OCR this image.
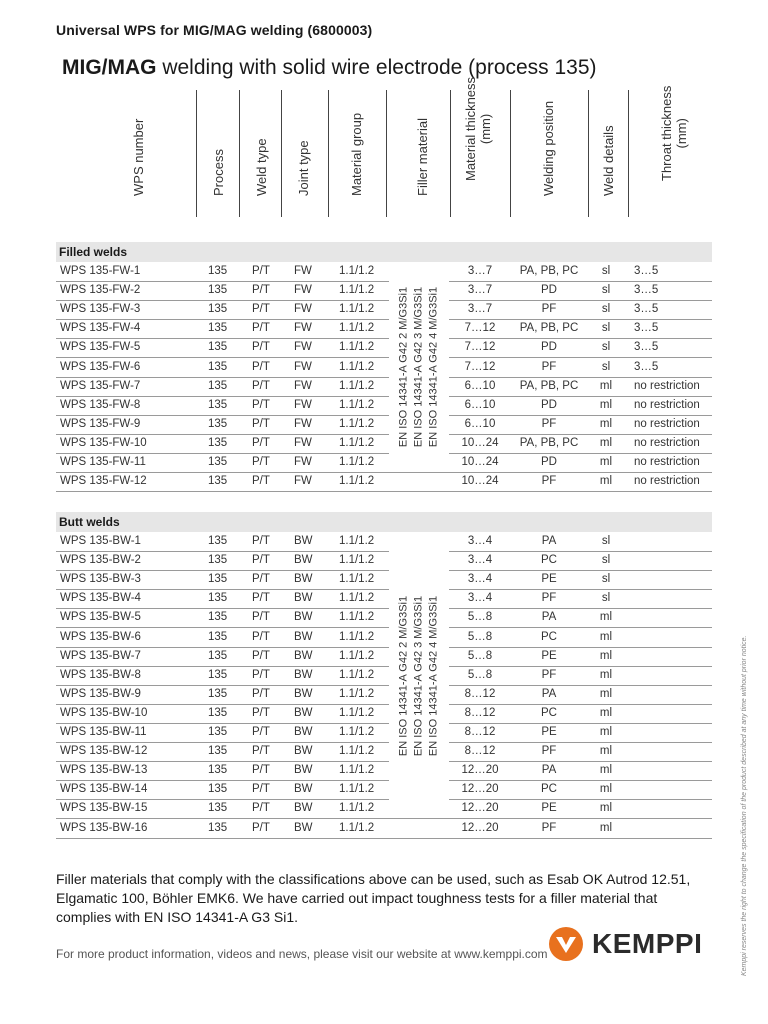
Universal WPS for MIG/MAG welding (6800003)
MIG/MAG welding with solid wire electrode (process 135)
WPS number	Process Weld type Joint type	Material group	Filler material	Material thickness
(mm)	Welding position	Weld details	Throat thickness
(mm)
Filled welds
WPS 135-FW-1	135 P/T FW 1.1/1.2	3…7	PA, PB, PC	sl	3…5
WPS 135-FW-2	135 P/T FW 1.1/1.2	3…7	PD	sl	3…5
WPS 135-FW-3	135 P/T FW 1.1/1.2	3…7	PF	sl	3…5
WPS 135-FW-4	135 P/T FW 1.1/1.2	7…12	PA, PB, PC	sl	3…5
WPS 135-FW-5	135 P/T FW 1.1/1.2	7…12	PD	sl	3…5
WPS 135-FW-6	135 P/T FW 1.1/1.2	7…12	PF	sl	3…5
WPS 135-FW-7	135 P/T FW 1.1/1.2	6…10	PA, PB, PC	ml	no restriction
WPS 135-FW-8	135 P/T FW 1.1/1.2	6…10	PD	ml	no restriction
WPS 135-FW-9	135 P/T FW 1.1/1.2	6…10	PF	ml	no restriction
WPS 135-FW-10	135 P/T FW 1.1/1.2	10…24	PA, PB, PC	ml	no restriction
WPS 135-FW-11	135 P/T FW 1.1/1.2	10…24	PD	ml	no restriction
WPS 135-FW-12	135 P/T FW 1.1/1.2	10…24	PF	ml	no restriction
EN ISO 14341-A G42 2 M/G3Si1 EN ISO 14341-A G42 3 M/G3Si1 EN ISO 14341-A G42 4 M/G3Si1
Butt welds
WPS 135-BW-1	135 P/T BW 1.1/1.2	3…4	PA	sl
WPS 135-BW-2	135 P/T BW 1.1/1.2	3…4	PC	sl
WPS 135-BW-3	135 P/T BW 1.1/1.2	3…4	PE	sl
WPS 135-BW-4	135 P/T BW 1.1/1.2	3…4	PF	sl
WPS 135-BW-5	135 P/T BW 1.1/1.2	5…8	PA	ml
WPS 135-BW-6	135 P/T BW 1.1/1.2	5…8	PC	ml
WPS 135-BW-7	135 P/T BW 1.1/1.2	5…8	PE	ml
WPS 135-BW-8	135 P/T BW 1.1/1.2	5…8	PF	ml
WPS 135-BW-9	135 P/T BW 1.1/1.2	8…12	PA	ml
WPS 135-BW-10	135 P/T BW 1.1/1.2	8…12	PC	ml
WPS 135-BW-11	135 P/T BW 1.1/1.2	8…12	PE	ml
WPS 135-BW-12	135 P/T BW 1.1/1.2	8…12	PF	ml
WPS 135-BW-13	135 P/T BW 1.1/1.2	12…20	PA	ml
WPS 135-BW-14	135 P/T BW 1.1/1.2	12…20	PC	ml
WPS 135-BW-15	135 P/T BW 1.1/1.2	12…20	PE	ml
WPS 135-BW-16	135 P/T BW 1.1/1.2	12…20	PF	ml
EN ISO 14341-A G42 2 M/G3Si1 EN ISO 14341-A G42 3 M/G3Si1 EN ISO 14341-A G42 4 M/G3Si1
Filler materials that comply with the classifications above can be used, such as Esab OK Autrod 12.51, Elgamatic 100, Böhler EMK6. We have carried out impact toughness tests for a filler material that complies with EN ISO 14341-A G3 Si1.
For more product information, videos and news, please visit our website at www.kemppi.com	Kemppi reserves the right to change the specification of the product described at any time without prior notice.
KEMPPI
